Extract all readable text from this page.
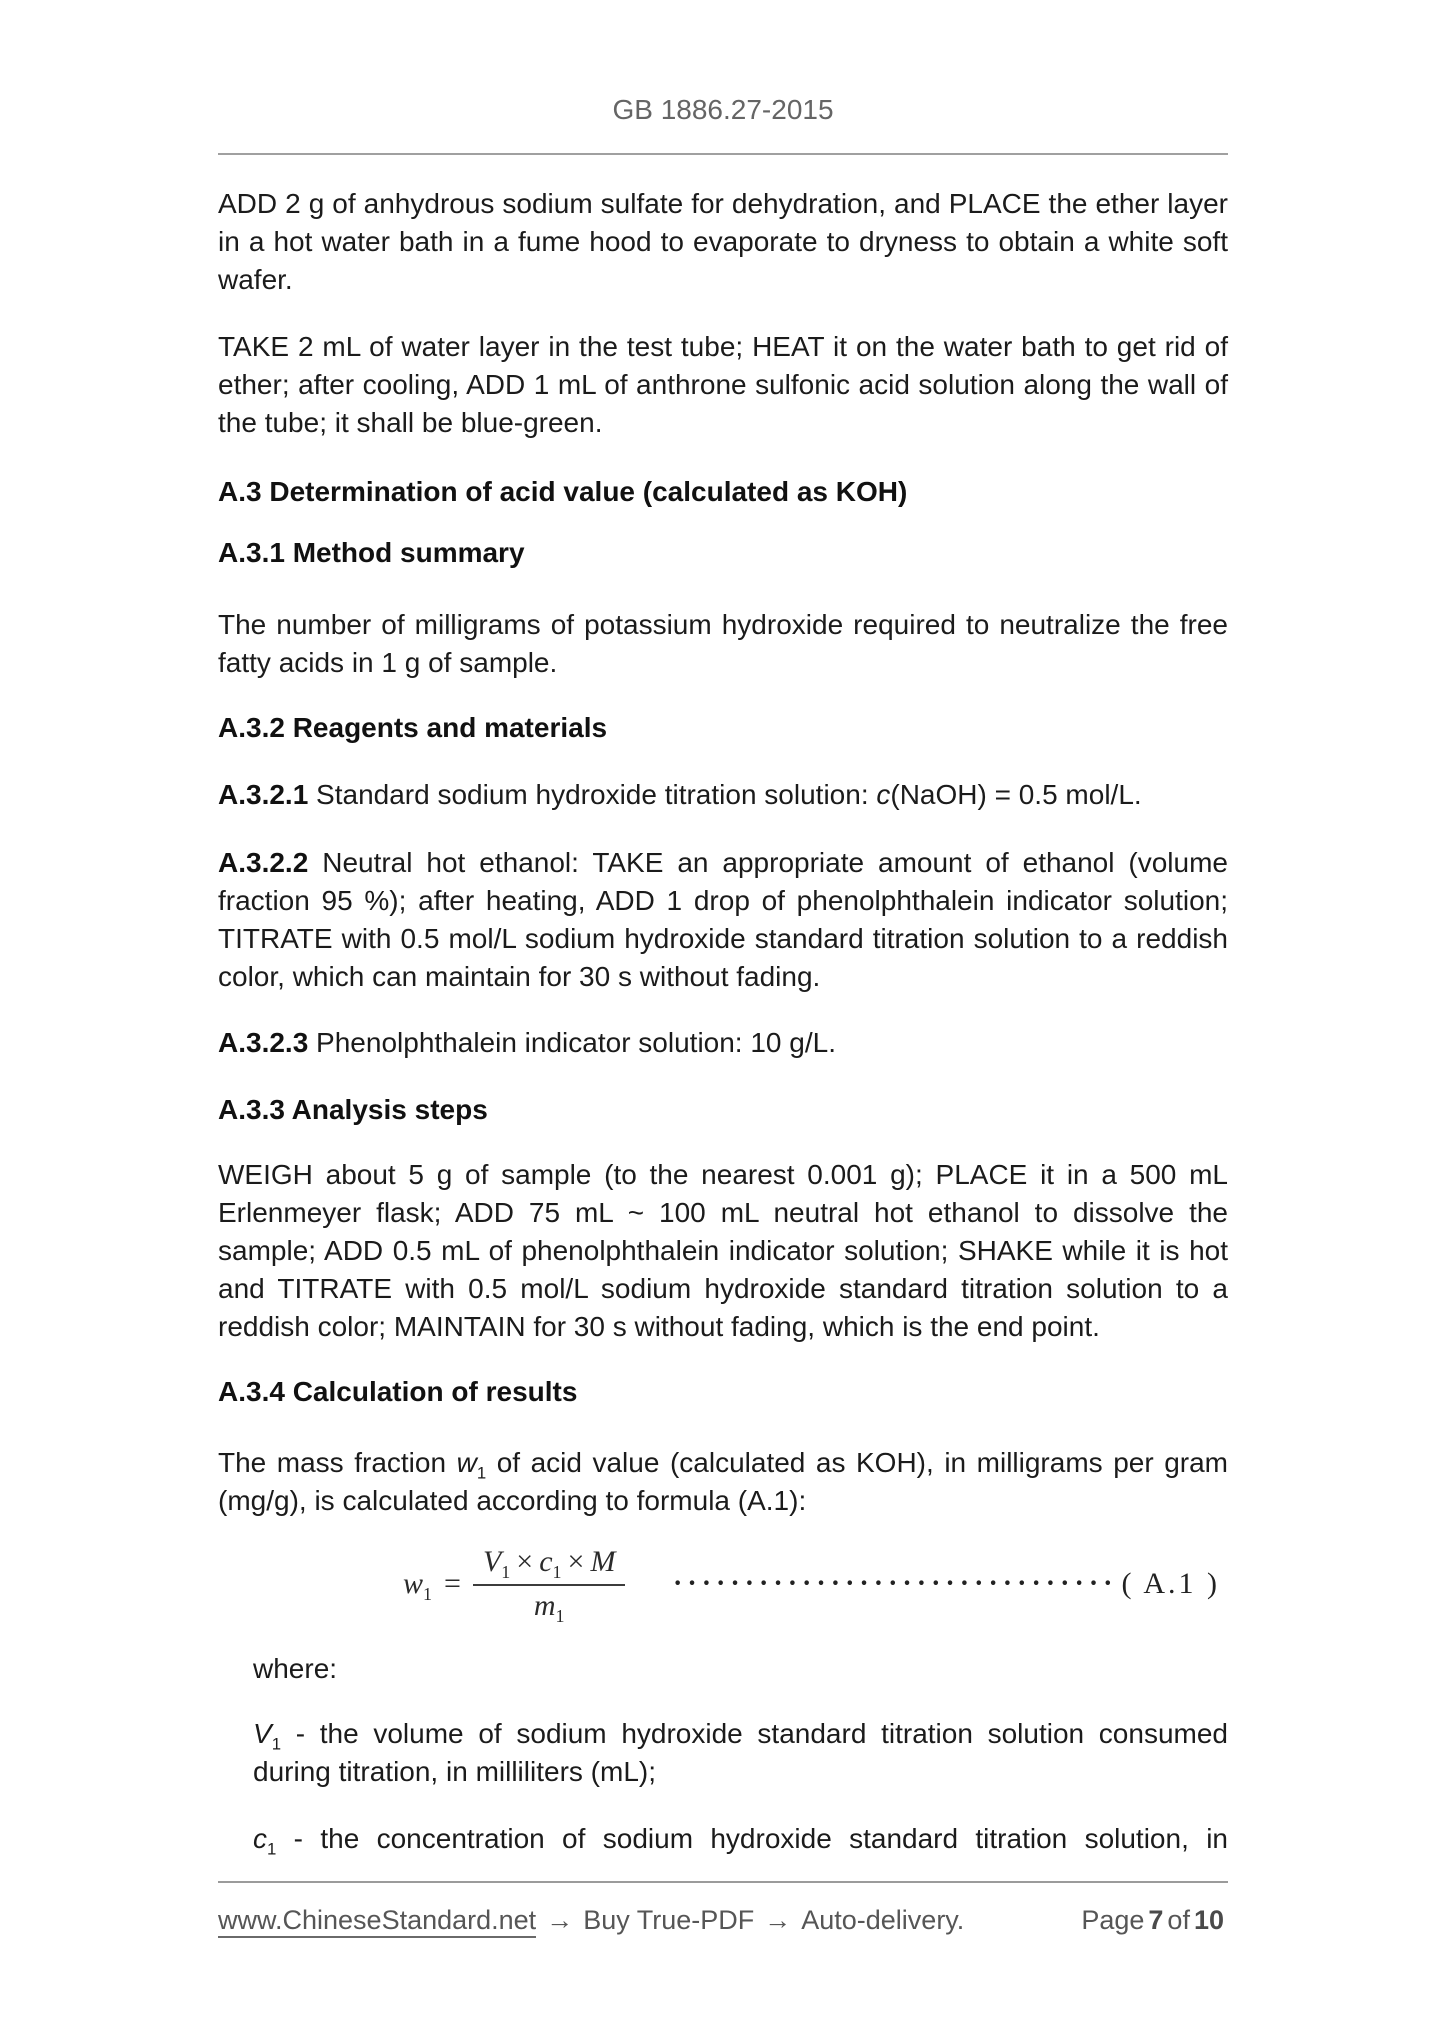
GB 1886.27-2015

ADD 2 g of anhydrous sodium sulfate for dehydration, and PLACE the ether layer in a hot water bath in a fume hood to evaporate to dryness to obtain a white soft wafer.

TAKE 2 mL of water layer in the test tube; HEAT it on the water bath to get rid of ether; after cooling, ADD 1 mL of anthrone sulfonic acid solution along the wall of the tube; it shall be blue-green.

A.3 Determination of acid value (calculated as KOH)
A.3.1 Method summary

The number of milligrams of potassium hydroxide required to neutralize the free fatty acids in 1 g of sample.

A.3.2 Reagents and materials

A.3.2.1 Standard sodium hydroxide titration solution: c(NaOH) = 0.5 mol/L.

A.3.2.2 Neutral hot ethanol: TAKE an appropriate amount of ethanol (volume fraction 95 %); after heating, ADD 1 drop of phenolphthalein indicator solution; TITRATE with 0.5 mol/L sodium hydroxide standard titration solution to a reddish color, which can maintain for 30 s without fading.

A.3.2.3 Phenolphthalein indicator solution: 10 g/L.

A.3.3 Analysis steps

WEIGH about 5 g of sample (to the nearest 0.001 g); PLACE it in a 500 mL Erlenmeyer flask; ADD 75 mL ~ 100 mL neutral hot ethanol to dissolve the sample; ADD 0.5 mL of phenolphthalein indicator solution; SHAKE while it is hot and TITRATE with 0.5 mol/L sodium hydroxide standard titration solution to a reddish color; MAINTAIN for 30 s without fading, which is the end point.

A.3.4 Calculation of results

The mass fraction $w_1$ of acid value (calculated as KOH), in milligrams per gram (mg/g), is calculated according to formula (A.1):

$w_1 = \frac{V_1 \times c_1 \times M}{m_1}$ ······························· ( A.1 )

where:

$V_1$ - the volume of sodium hydroxide standard titration solution consumed during titration, in milliliters (mL);

$c_1$ - the concentration of sodium hydroxide standard titration solution, in

www.ChineseStandard.net → Buy True-PDF → Auto-delivery.	Page 7 of 10
